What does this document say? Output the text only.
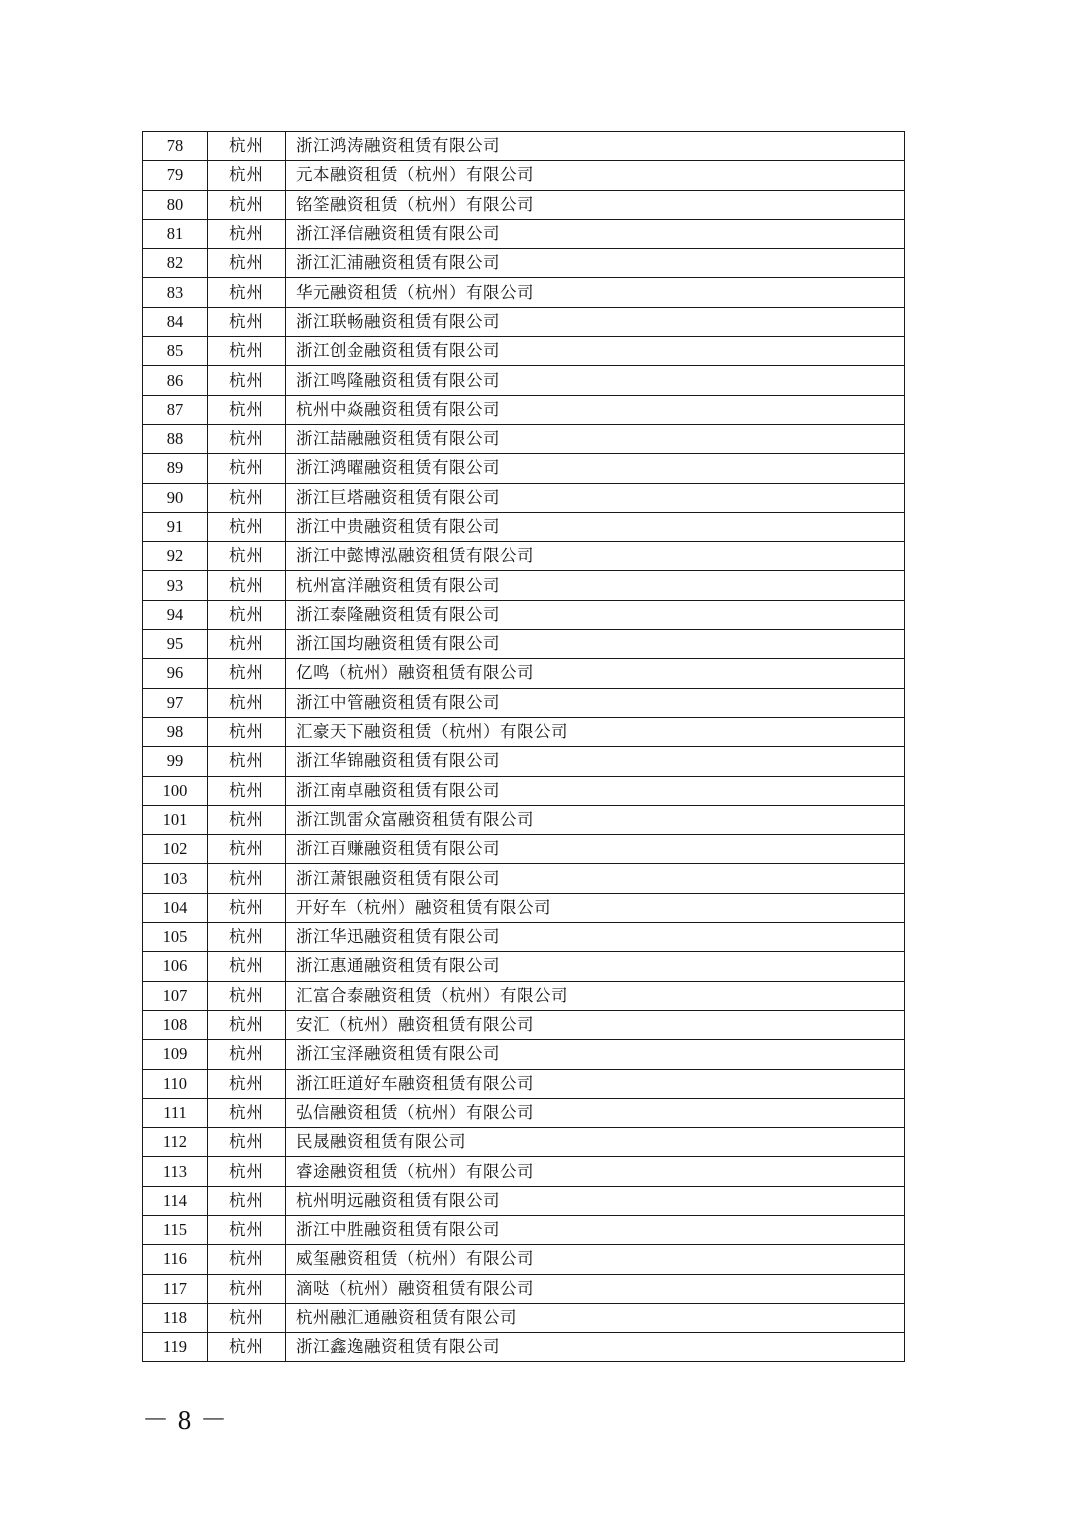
78	杭州	浙江鸿涛融资租赁有限公司
79	杭州	元本融资租赁（杭州）有限公司
80	杭州	铭筌融资租赁（杭州）有限公司
81	杭州	浙江泽信融资租赁有限公司
82	杭州	浙江汇浦融资租赁有限公司
83	杭州	华元融资租赁（杭州）有限公司
84	杭州	浙江联畅融资租赁有限公司
85	杭州	浙江创金融资租赁有限公司
86	杭州	浙江鸣隆融资租赁有限公司
87	杭州	杭州中焱融资租赁有限公司
88	杭州	浙江喆融融资租赁有限公司
89	杭州	浙江鸿曜融资租赁有限公司
90	杭州	浙江巨塔融资租赁有限公司
91	杭州	浙江中贵融资租赁有限公司
92	杭州	浙江中懿博泓融资租赁有限公司
93	杭州	杭州富洋融资租赁有限公司
94	杭州	浙江泰隆融资租赁有限公司
95	杭州	浙江国均融资租赁有限公司
96	杭州	亿鸣（杭州）融资租赁有限公司
97	杭州	浙江中管融资租赁有限公司
98	杭州	汇豪天下融资租赁（杭州）有限公司
99	杭州	浙江华锦融资租赁有限公司
100	杭州	浙江南卓融资租赁有限公司
101	杭州	浙江凯雷众富融资租赁有限公司
102	杭州	浙江百赚融资租赁有限公司
103	杭州	浙江萧银融资租赁有限公司
104	杭州	开好车（杭州）融资租赁有限公司
105	杭州	浙江华迅融资租赁有限公司
106	杭州	浙江惠通融资租赁有限公司
107	杭州	汇富合泰融资租赁（杭州）有限公司
108	杭州	安汇（杭州）融资租赁有限公司
109	杭州	浙江宝泽融资租赁有限公司
110	杭州	浙江旺道好车融资租赁有限公司
111	杭州	弘信融资租赁（杭州）有限公司
112	杭州	民晟融资租赁有限公司
113	杭州	睿途融资租赁（杭州）有限公司
114	杭州	杭州明远融资租赁有限公司
115	杭州	浙江中胜融资租赁有限公司
116	杭州	威玺融资租赁（杭州）有限公司
117	杭州	滴哒（杭州）融资租赁有限公司
118	杭州	杭州融汇通融资租赁有限公司
119	杭州	浙江鑫逸融资租赁有限公司
－ 8 －
